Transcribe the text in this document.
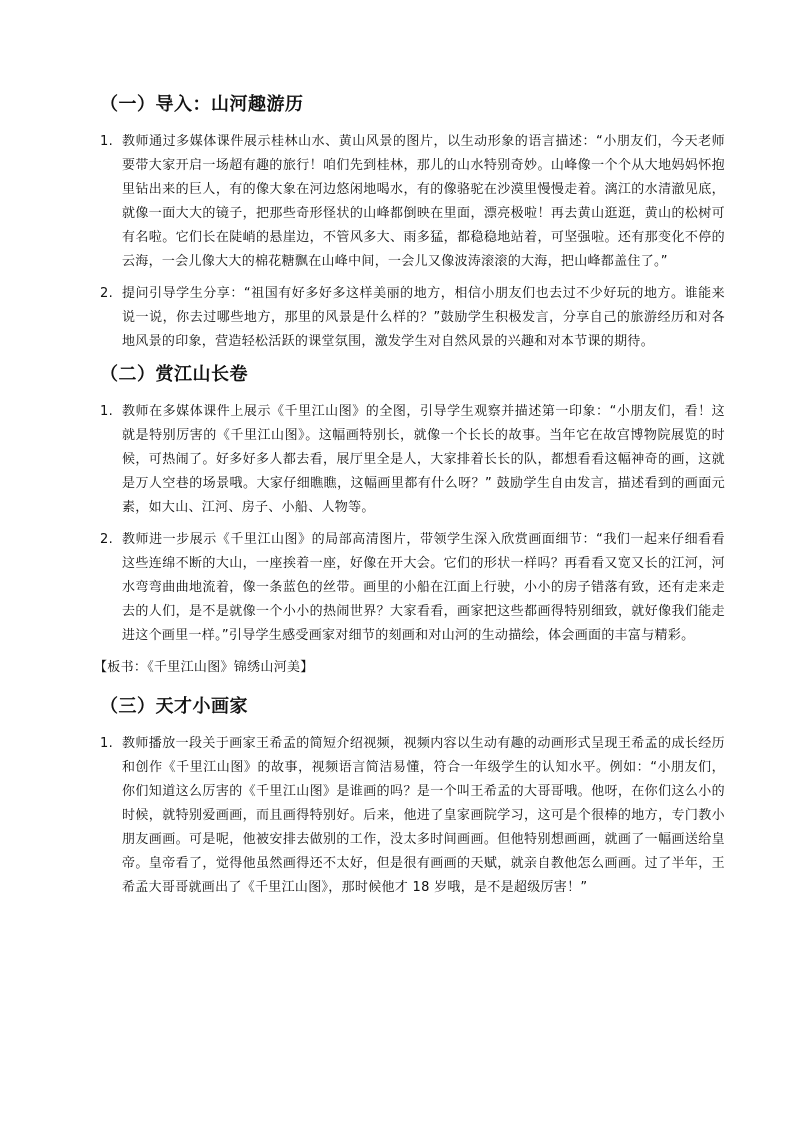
（一）导入：山河趣游历
1. 教师通过多媒体课件展示桂林山水、黄山风景的图片，以生动形象的语言描述：“小朋友们，今天老师要带大家开启一场超有趣的旅行！咱们先到桂林，那儿的山水特别奇妙。山峰像一个个从大地妈妈怀抱里钻出来的巨人，有的像大象在河边悠闲地喝水，有的像骆驼在沙漠里慢慢走着。漓江的水清澈见底，就像一面大大的镜子，把那些奇形怪状的山峰都倒映在里面，漂亮极啦！再去黄山逛逛，黄山的松树可有名啦。它们长在陡峭的悬崖边，不管风多大、雨多猛，都稳稳地站着，可坚强啦。还有那变化不停的云海，一会儿像大大的棉花糖飘在山峰中间，一会儿又像波涛滚滚的大海，把山峰都盖住了。”
2. 提问引导学生分享：“祖国有好多好多这样美丽的地方，相信小朋友们也去过不少好玩的地方。谁能来说一说，你去过哪些地方，那里的风景是什么样的？”鼓励学生积极发言，分享自己的旅游经历和对各地风景的印象，营造轻松活跃的课堂氛围，激发学生对自然风景的兴趣和对本节课的期待。
（二）赏江山长卷
1. 教师在多媒体课件上展示《千里江山图》的全图，引导学生观察并描述第一印象：“小朋友们，看！这就是特别厉害的《千里江山图》。这幅画特别长，就像一个长长的故事。当年它在故宫博物院展览的时候，可热闹了。好多好多人都去看，展厅里全是人，大家排着长长的队，都想看看这幅神奇的画，这就是万人空巷的场景哦。大家仔细瞧瞧，这幅画里都有什么呀？” 鼓励学生自由发言，描述看到的画面元素，如大山、江河、房子、小船、人物等。
2. 教师进一步展示《千里江山图》的局部高清图片，带领学生深入欣赏画面细节：“我们一起来仔细看看这些连绵不断的大山，一座挨着一座，好像在开大会。它们的形状一样吗？再看看又宽又长的江河，河水弯弯曲曲地流着，像一条蓝色的丝带。画里的小船在江面上行驶，小小的房子错落有致，还有走来走去的人们，是不是就像一个小小的热闹世界？大家看看，画家把这些都画得特别细致，就好像我们能走进这个画里一样。”引导学生感受画家对细节的刻画和对山河的生动描绘，体会画面的丰富与精彩。
【板书：《千里江山图》锦绣山河美】
（三）天才小画家
1. 教师播放一段关于画家王希孟的简短介绍视频，视频内容以生动有趣的动画形式呈现王希孟的成长经历和创作《千里江山图》的故事，视频语言简洁易懂，符合一年级学生的认知水平。例如：“小朋友们，你们知道这么厉害的《千里江山图》是谁画的吗？是一个叫王希孟的大哥哥哦。他呀，在你们这么小的时候，就特别爱画画，而且画得特别好。后来，他进了皇家画院学习，这可是个很棒的地方，专门教小朋友画画。可是呢，他被安排去做别的工作，没太多时间画画。但他特别想画画，就画了一幅画送给皇帝。皇帝看了，觉得他虽然画得还不太好，但是很有画画的天赋，就亲自教他怎么画画。过了半年，王希孟大哥哥就画出了《千里江山图》，那时候他才 18 岁哦，是不是超级厉害！”
